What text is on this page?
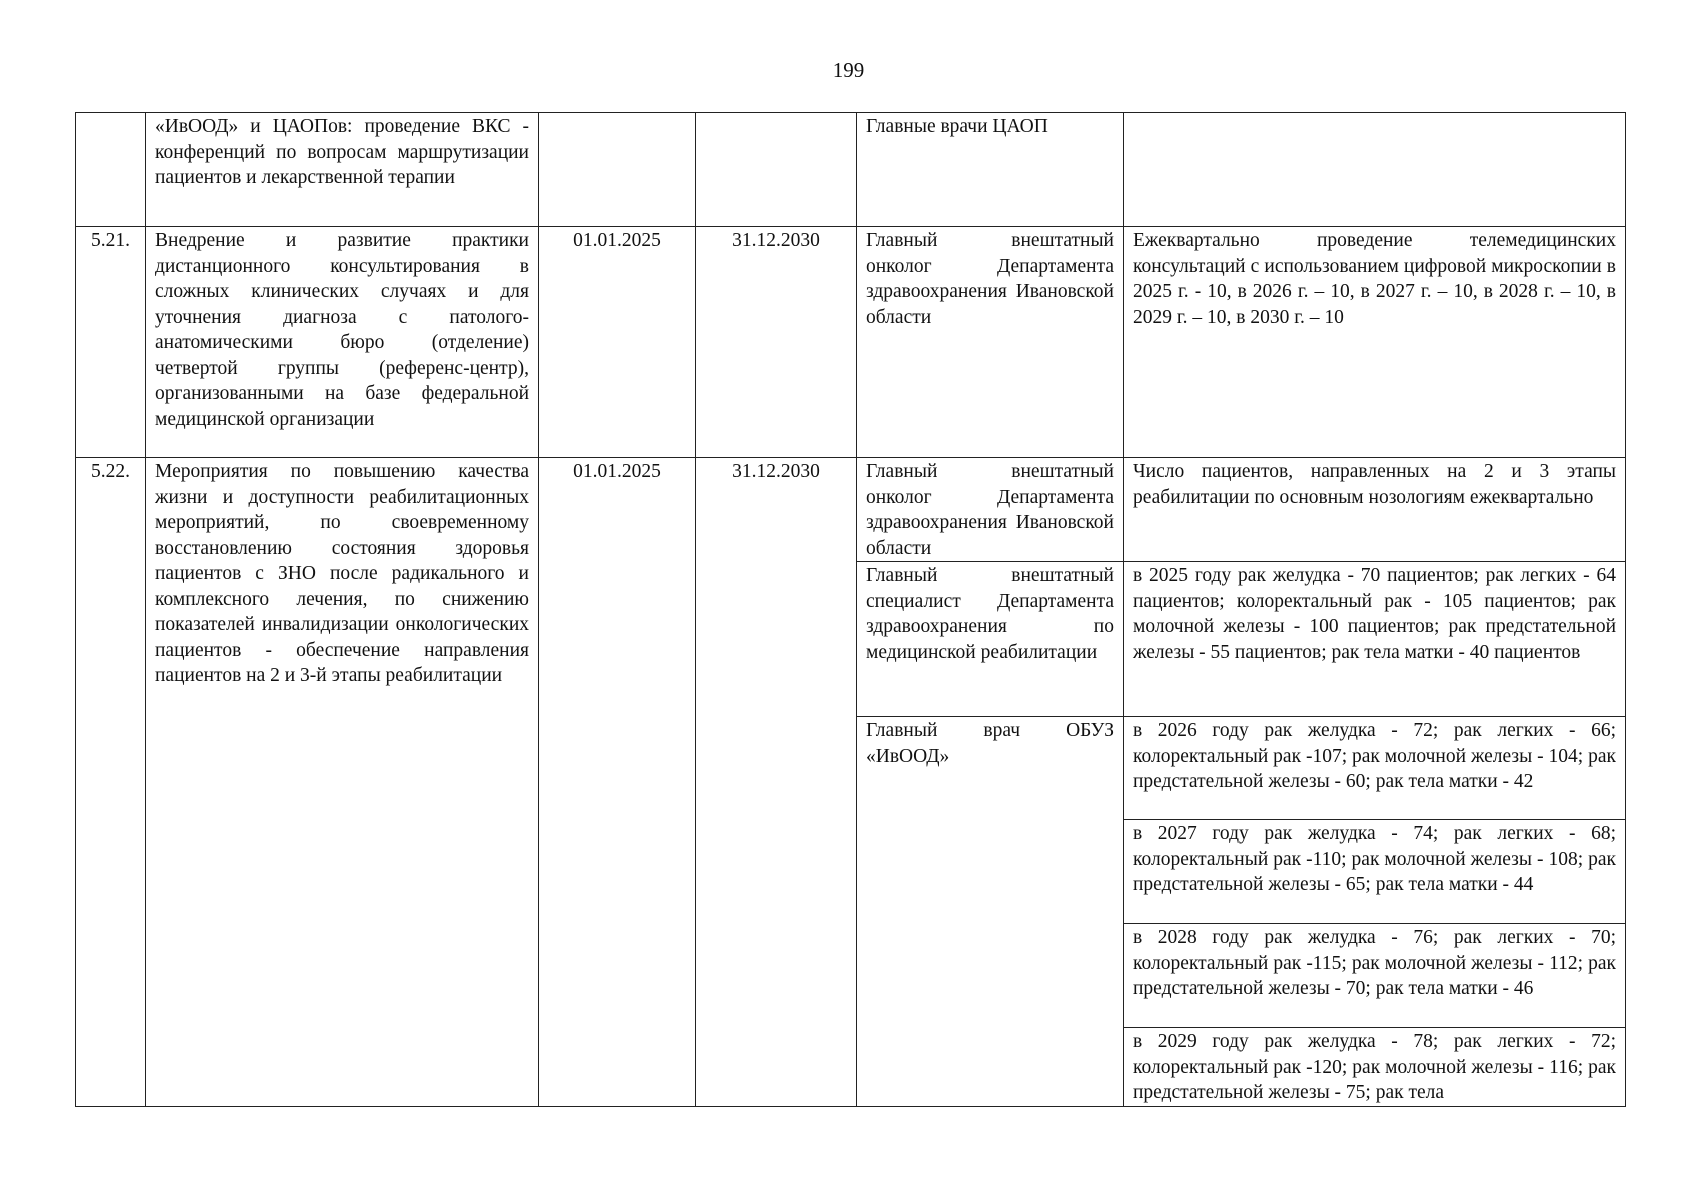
199
	«ИвООД» и ЦАОПов: проведение ВКС - конференций по вопросам маршрутизации пациентов и лекарственной терапии			Главные врачи ЦАОП	
5.21.	Внедрение и развитие практики дистанционного консультирования в сложных клинических случаях и для уточнения диагноза с патолого-анатомическими бюро (отделение) четвертой группы (референс-центр), организованными на базе федеральной медицинской организации	01.01.2025	31.12.2030	Главный внештатный онколог Департамента здравоохранения Ивановской области	Ежеквартально проведение телемедицинских консультаций с использованием цифровой микроскопии в 2025 г. - 10, в 2026 г. – 10, в 2027 г. – 10, в 2028 г. – 10, в 2029 г. – 10, в 2030 г. – 10
5.22.	Мероприятия по повышению качества жизни и доступности реабилитационных мероприятий, по своевременному восстановлению состояния здоровья пациентов с ЗНО после радикального и комплексного лечения, по снижению показателей инвалидизации онкологических пациентов - обеспечение направления пациентов на 2 и 3-й этапы реабилитации	01.01.2025	31.12.2030	Главный внештатный онколог Департамента здравоохранения Ивановской области	Число пациентов, направленных на 2 и 3 этапы реабилитации по основным нозологиям ежеквартально
				Главный внештатный специалист Департамента здравоохранения по медицинской реабилитации	в 2025 году рак желудка - 70 пациентов; рак легких - 64 пациентов; колоректальный рак - 105 пациентов; рак молочной железы - 100 пациентов; рак предстательной железы - 55 пациентов; рак тела матки - 40 пациентов
				Главный врач ОБУЗ «ИвООД»	в 2026 году рак желудка - 72; рак легких - 66; колоректальный рак -107; рак молочной железы - 104; рак предстательной железы - 60; рак тела матки - 42
					в 2027 году рак желудка - 74; рак легких - 68; колоректальный рак -110; рак молочной железы - 108; рак предстательной железы - 65; рак тела матки - 44
					в 2028 году рак желудка - 76; рак легких - 70; колоректальный рак -115; рак молочной железы - 112; рак предстательной железы - 70; рак тела матки - 46
					в 2029 году рак желудка - 78; рак легких - 72; колоректальный рак -120; рак молочной железы - 116; рак предстательной железы - 75; рак тела
